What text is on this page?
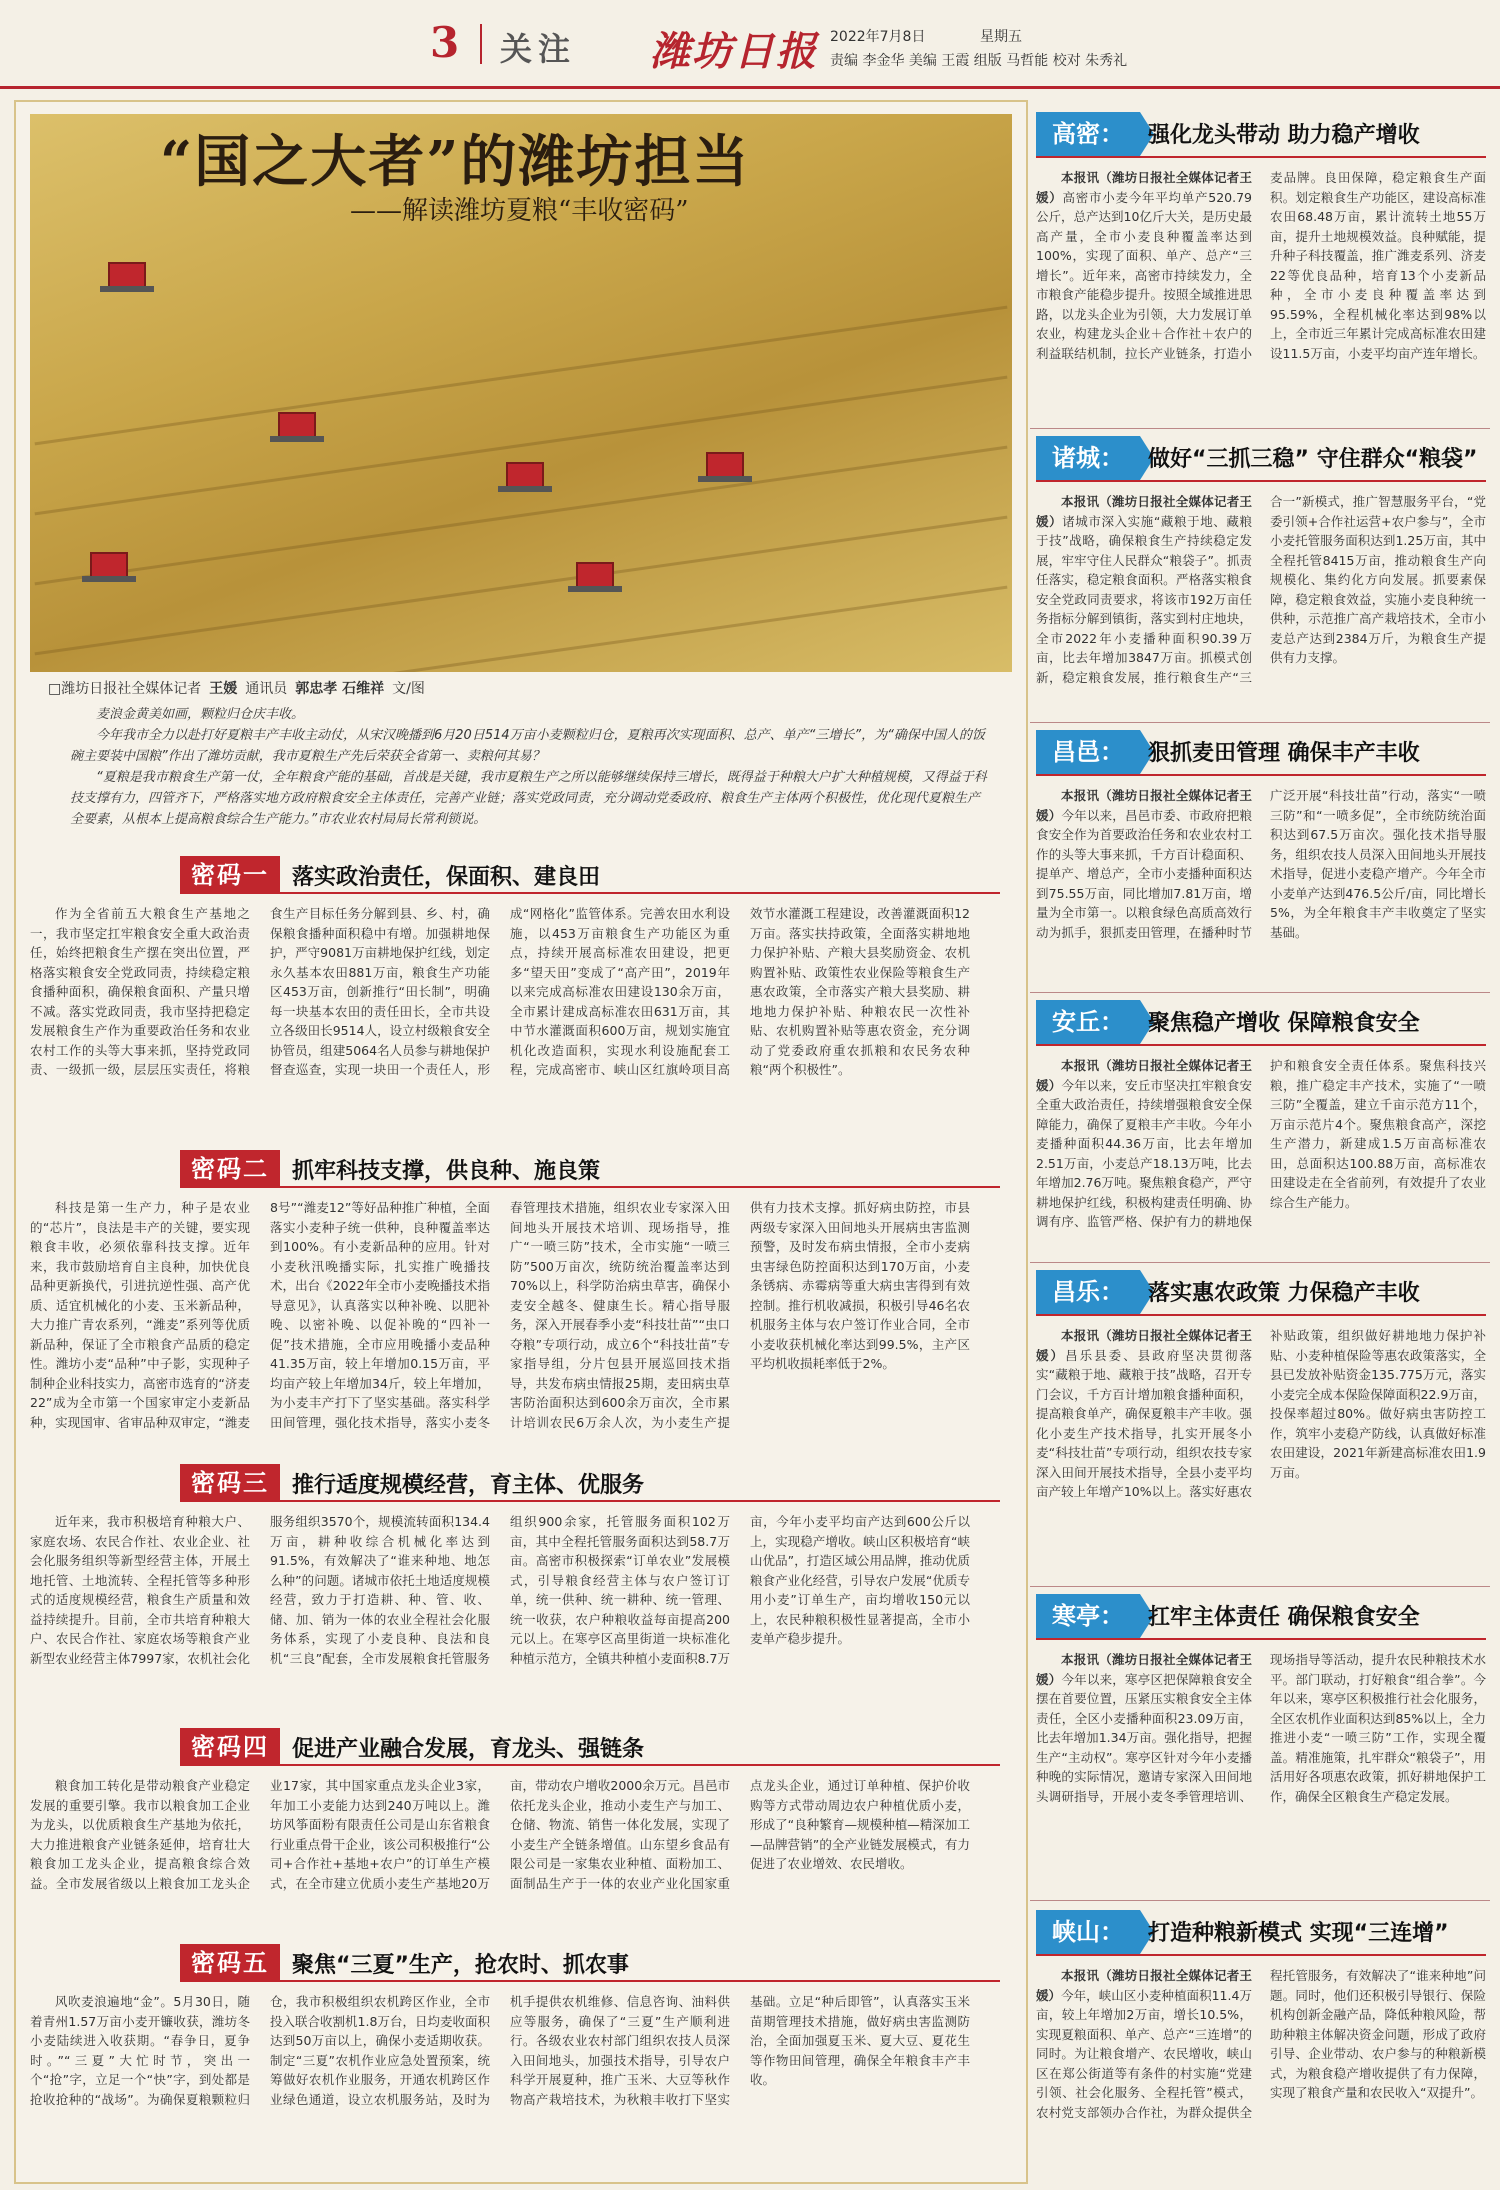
3 关注 潍坊日报 2022年7月8日	星期五
责编 李金华 美编 王霞 组版 马哲能 校对 朱秀礼
“国之大者”的潍坊担当
——解读潍坊夏粮“丰收密码”
□潍坊日报社全媒体记者 王媛 通讯员 郭忠孝 石维祥 文/图

麦浪金黄美如画，颗粒归仓庆丰收。

今年我市全力以赴打好夏粮丰产丰收主动仗，从宋汉晚播到6月20日514万亩小麦颗粒归仓，夏粮再次实现面积、总产、单产“三增长”，为“确保中国人的饭碗主要装中国粮”作出了潍坊贡献，我市夏粮生产先后荣获全省第一、卖粮何其易？

“夏粮是我市粮食生产第一仗，全年粮食产能的基础，首战是关键，我市夏粮生产之所以能够继续保持三增长，既得益于种粮大户扩大种植规模，又得益于科技支撑有力，四管齐下，严格落实地方政府粮食安全主体责任，完善产业链；落实党政同责，充分调动党委政府、粮食生产主体两个积极性，优化现代夏粮生产全要素，从根本上提高粮食综合生产能力。”市农业农村局局长常利锁说。

密码一	落实政治责任，保面积、建良田

作为全省前五大粮食生产基地之一，我市坚定扛牢粮食安全重大政治责任，始终把粮食生产摆在突出位置，严格落实粮食安全党政同责，持续稳定粮食播种面积，确保粮食面积、产量只增不减。落实党政同责，我市坚持把稳定发展粮食生产作为重要政治任务和农业农村工作的头等大事来抓，坚持党政同责、一级抓一级，层层压实责任，将粮食生产目标任务分解到县、乡、村，确保粮食播种面积稳中有增。加强耕地保护，严守9081万亩耕地保护红线，划定永久基本农田881万亩，粮食生产功能区453万亩，创新推行“田长制”，明确每一块基本农田的责任田长，全市共设立各级田长9514人，设立村级粮食安全协管员，组建5064名人员参与耕地保护督查巡查，实现一块田一个责任人，形成“网格化”监管体系。完善农田水利设施，以453万亩粮食生产功能区为重点，持续开展高标准农田建设，把更多“望天田”变成了“高产田”，2019年以来完成高标准农田建设130余万亩，全市累计建成高标准农田631万亩，其中节水灌溉面积600万亩，规划实施宜机化改造面积，实现水利设施配套工程，完成高密市、峡山区红旗岭项目高效节水灌溉工程建设，改善灌溉面积12万亩。落实扶持政策，全面落实耕地地力保护补贴、产粮大县奖励资金、农机购置补贴、政策性农业保险等粮食生产惠农政策，全市落实产粮大县奖励、耕地地力保护补贴、种粮农民一次性补贴、农机购置补贴等惠农资金，充分调动了党委政府重农抓粮和农民务农种粮“两个积极性”。

密码二	抓牢科技支撑，供良种、施良策

科技是第一生产力，种子是农业的“芯片”，良法是丰产的关键，要实现粮食丰收，必须依靠科技支撑。近年来，我市鼓励培育自主良种，加快优良品种更新换代，引进抗逆性强、高产优质、适宜机械化的小麦、玉米新品种，大力推广青农系列，“潍麦”系列等优质新品种，保证了全市粮食产品质的稳定性。潍坊小麦“品种”中子影，实现种子制种企业科技实力，高密市选育的“济麦22”成为全市第一个国家审定小麦新品种，实现国审、省审品种双审定，“潍麦8号”“潍麦12”等好品种推广种植，全面落实小麦种子统一供种，良种覆盖率达到100%。有小麦新品种的应用。针对小麦秋汛晚播实际，扎实推广晚播技术，出台《2022年全市小麦晚播技术指导意见》，认真落实以种补晚、以肥补晚、以密补晚、以促补晚的“四补一促”技术措施，全市应用晚播小麦品种41.35万亩，较上年增加0.15万亩，平均亩产较上年增加34斤，较上年增加，为小麦丰产打下了坚实基础。落实科学田间管理，强化技术指导，落实小麦冬春管理技术措施，组织农业专家深入田间地头开展技术培训、现场指导，推广“一喷三防”技术，全市实施“一喷三防”500万亩次，统防统治覆盖率达到70%以上，科学防治病虫草害，确保小麦安全越冬、健康生长。精心指导服务，深入开展春季小麦“科技壮苗”“虫口夺粮”专项行动，成立6个“科技壮苗”专家指导组，分片包县开展巡回技术指导，共发布病虫情报25期，麦田病虫草害防治面积达到600余万亩次，全市累计培训农民6万余人次，为小麦生产提供有力技术支撑。抓好病虫防控，市县两级专家深入田间地头开展病虫害监测预警，及时发布病虫情报，全市小麦病虫害绿色防控面积达到170万亩，小麦条锈病、赤霉病等重大病虫害得到有效控制。推行机收减损，积极引导46名农机服务主体与农户签订作业合同，全市小麦收获机械化率达到99.5%，主产区平均机收损耗率低于2%。

密码三	推行适度规模经营，育主体、优服务

近年来，我市积极培育种粮大户、家庭农场、农民合作社、农业企业、社会化服务组织等新型经营主体，开展土地托管、土地流转、全程托管等多种形式的适度规模经营，粮食生产质量和效益持续提升。目前，全市共培育种粮大户、农民合作社、家庭农场等粮食产业新型农业经营主体7997家，农机社会化服务组织3570个，规模流转面积134.4万亩，耕种收综合机械化率达到91.5%，有效解决了“谁来种地、地怎么种”的问题。诸城市依托土地适度规模经营，致力于打造耕、种、管、收、储、加、销为一体的农业全程社会化服务体系，实现了小麦良种、良法和良机“三良”配套，全市发展粮食托管服务组织900余家，托管服务面积102万亩，其中全程托管服务面积达到58.7万亩。高密市积极探索“订单农业”发展模式，引导粮食经营主体与农户签订订单，统一供种、统一耕种、统一管理、统一收获，农户种粮收益每亩提高200元以上。在寒亭区高里街道一块标准化种植示范方，全镇共种植小麦面积8.7万亩，今年小麦平均亩产达到600公斤以上，实现稳产增收。峡山区积极培育“峡山优品”，打造区域公用品牌，推动优质粮食产业化经营，引导农户发展“优质专用小麦”订单生产，亩均增收150元以上，农民种粮积极性显著提高，全市小麦单产稳步提升。

密码四	促进产业融合发展，育龙头、强链条

粮食加工转化是带动粮食产业稳定发展的重要引擎。我市以粮食加工企业为龙头，以优质粮食生产基地为依托，大力推进粮食产业链条延伸，培育壮大粮食加工龙头企业，提高粮食综合效益。全市发展省级以上粮食加工龙头企业17家，其中国家重点龙头企业3家，年加工小麦能力达到240万吨以上。潍坊风筝面粉有限责任公司是山东省粮食行业重点骨干企业，该公司积极推行“公司+合作社+基地+农户”的订单生产模式，在全市建立优质小麦生产基地20万亩，带动农户增收2000余万元。昌邑市依托龙头企业，推动小麦生产与加工、仓储、物流、销售一体化发展，实现了小麦生产全链条增值。山东望乡食品有限公司是一家集农业种植、面粉加工、面制品生产于一体的农业产业化国家重点龙头企业，通过订单种植、保护价收购等方式带动周边农户种植优质小麦，形成了“良种繁育—规模种植—精深加工—品牌营销”的全产业链发展模式，有力促进了农业增效、农民增收。

密码五	聚焦“三夏”生产，抢农时、抓农事

风吹麦浪遍地“金”。5月30日，随着青州1.57万亩小麦开镰收获，潍坊冬小麦陆续进入收获期。“春争日，夏争时。”“三夏”大忙时节，突出一个“抢”字，立足一个“快”字，到处都是抢收抢种的“战场”。为确保夏粮颗粒归仓，我市积极组织农机跨区作业，全市投入联合收割机1.8万台，日均麦收面积达到50万亩以上，确保小麦适期收获。制定“三夏”农机作业应急处置预案，统筹做好农机作业服务，开通农机跨区作业绿色通道，设立农机服务站，及时为机手提供农机维修、信息咨询、油料供应等服务，确保了“三夏”生产顺利进行。各级农业农村部门组织农技人员深入田间地头，加强技术指导，引导农户科学开展夏种，推广玉米、大豆等秋作物高产栽培技术，为秋粮丰收打下坚实基础。立足“种后即管”，认真落实玉米苗期管理技术措施，做好病虫害监测防治，全面加强夏玉米、夏大豆、夏花生等作物田间管理，确保全年粮食丰产丰收。

高密：	强化龙头带动 助力稳产增收

本报讯（潍坊日报社全媒体记者王媛）高密市小麦今年平均单产520.79公斤，总产达到10亿斤大关，是历史最高产量，全市小麦良种覆盖率达到100%，实现了面积、单产、总产“三增长”。近年来，高密市持续发力，全市粮食产能稳步提升。按照全域推进思路，以龙头企业为引领，大力发展订单农业，构建龙头企业＋合作社＋农户的利益联结机制，拉长产业链条，打造小麦品牌。良田保障，稳定粮食生产面积。划定粮食生产功能区，建设高标准农田68.48万亩，累计流转土地55万亩，提升土地规模效益。良种赋能，提升种子科技覆盖，推广潍麦系列、济麦22等优良品种，培育13个小麦新品种，全市小麦良种覆盖率达到95.59%，全程机械化率达到98%以上，全市近三年累计完成高标准农田建设11.5万亩，小麦平均亩产连年增长。

诸城：	做好“三抓三稳” 守住群众“粮袋”

本报讯（潍坊日报社全媒体记者王媛）诸城市深入实施“藏粮于地、藏粮于技”战略，确保粮食生产持续稳定发展，牢牢守住人民群众“粮袋子”。抓责任落实，稳定粮食面积。严格落实粮食安全党政同责要求，将该市192万亩任务指标分解到镇街，落实到村庄地块，全市2022年小麦播种面积90.39万亩，比去年增加3847万亩。抓模式创新，稳定粮食发展，推行粮食生产“三合一”新模式，推广智慧服务平台，“党委引领+合作社运营+农户参与”，全市小麦托管服务面积达到1.25万亩，其中全程托管8415万亩，推动粮食生产向规模化、集约化方向发展。抓要素保障，稳定粮食效益，实施小麦良种统一供种，示范推广高产栽培技术，全市小麦总产达到2384万斤，为粮食生产提供有力支撑。

昌邑：	狠抓麦田管理 确保丰产丰收

本报讯（潍坊日报社全媒体记者王媛）今年以来，昌邑市委、市政府把粮食安全作为首要政治任务和农业农村工作的头等大事来抓，千方百计稳面积、提单产、增总产，全市小麦播种面积达到75.55万亩，同比增加7.81万亩，增量为全市第一。以粮食绿色高质高效行动为抓手，狠抓麦田管理，在播种时节广泛开展“科技壮苗”行动，落实“一喷三防”和“一喷多促”，全市统防统治面积达到67.5万亩次。强化技术指导服务，组织农技人员深入田间地头开展技术指导，促进小麦稳产增产。今年全市小麦单产达到476.5公斤/亩，同比增长5%，为全年粮食丰产丰收奠定了坚实基础。

安丘：	聚焦稳产增收 保障粮食安全

本报讯（潍坊日报社全媒体记者王媛）今年以来，安丘市坚决扛牢粮食安全重大政治责任，持续增强粮食安全保障能力，确保了夏粮丰产丰收。今年小麦播种面积44.36万亩，比去年增加2.51万亩，小麦总产18.13万吨，比去年增加2.76万吨。聚焦粮食稳产，严守耕地保护红线，积极构建责任明确、协调有序、监管严格、保护有力的耕地保护和粮食安全责任体系。聚焦科技兴粮，推广稳定丰产技术，实施了“一喷三防”全覆盖，建立千亩示范方11个，万亩示范片4个。聚焦粮食高产，深挖生产潜力，新建成1.5万亩高标准农田，总面积达100.88万亩，高标准农田建设走在全省前列，有效提升了农业综合生产能力。

昌乐：	落实惠农政策 力保稳产丰收

本报讯（潍坊日报社全媒体记者王媛）昌乐县委、县政府坚决贯彻落实“藏粮于地、藏粮于技”战略，召开专门会议，千方百计增加粮食播种面积，提高粮食单产，确保夏粮丰产丰收。强化小麦生产技术指导，扎实开展冬小麦“科技壮苗”专项行动，组织农技专家深入田间开展技术指导，全县小麦平均亩产较上年增产10%以上。落实好惠农补贴政策，组织做好耕地地力保护补贴、小麦种植保险等惠农政策落实，全县已发放补贴资金135.775万元，落实小麦完全成本保险保障面积22.9万亩，投保率超过80%。做好病虫害防控工作，筑牢小麦稳产防线，认真做好标准农田建设，2021年新建高标准农田1.9万亩。

寒亭：	扛牢主体责任 确保粮食安全

本报讯（潍坊日报社全媒体记者王媛）今年以来，寒亭区把保障粮食安全摆在首要位置，压紧压实粮食安全主体责任，全区小麦播种面积23.09万亩，比去年增加1.34万亩。强化指导，把握生产“主动权”。寒亭区针对今年小麦播种晚的实际情况，邀请专家深入田间地头调研指导，开展小麦冬季管理培训、现场指导等活动，提升农民种粮技术水平。部门联动，打好粮食“组合拳”。今年以来，寒亭区积极推行社会化服务，全区农机作业面积达到85%以上，全力推进小麦“一喷三防”工作，实现全覆盖。精准施策，扎牢群众“粮袋子”，用活用好各项惠农政策，抓好耕地保护工作，确保全区粮食生产稳定发展。

峡山：	打造种粮新模式 实现“三连增”

本报讯（潍坊日报社全媒体记者王媛）今年，峡山区小麦种植面积11.4万亩，较上年增加2万亩，增长10.5%，实现夏粮面积、单产、总产“三连增”的同时。为让粮食增产、农民增收，峡山区在郑公街道等有条件的村实施“党建引领、社会化服务、全程托管”模式，农村党支部领办合作社，为群众提供全程托管服务，有效解决了“谁来种地”问题。同时，他们还积极引导银行、保险机构创新金融产品，降低种粮风险，帮助种粮主体解决资金问题，形成了政府引导、企业带动、农户参与的种粮新模式，为粮食稳产增收提供了有力保障，实现了粮食产量和农民收入“双提升”。
